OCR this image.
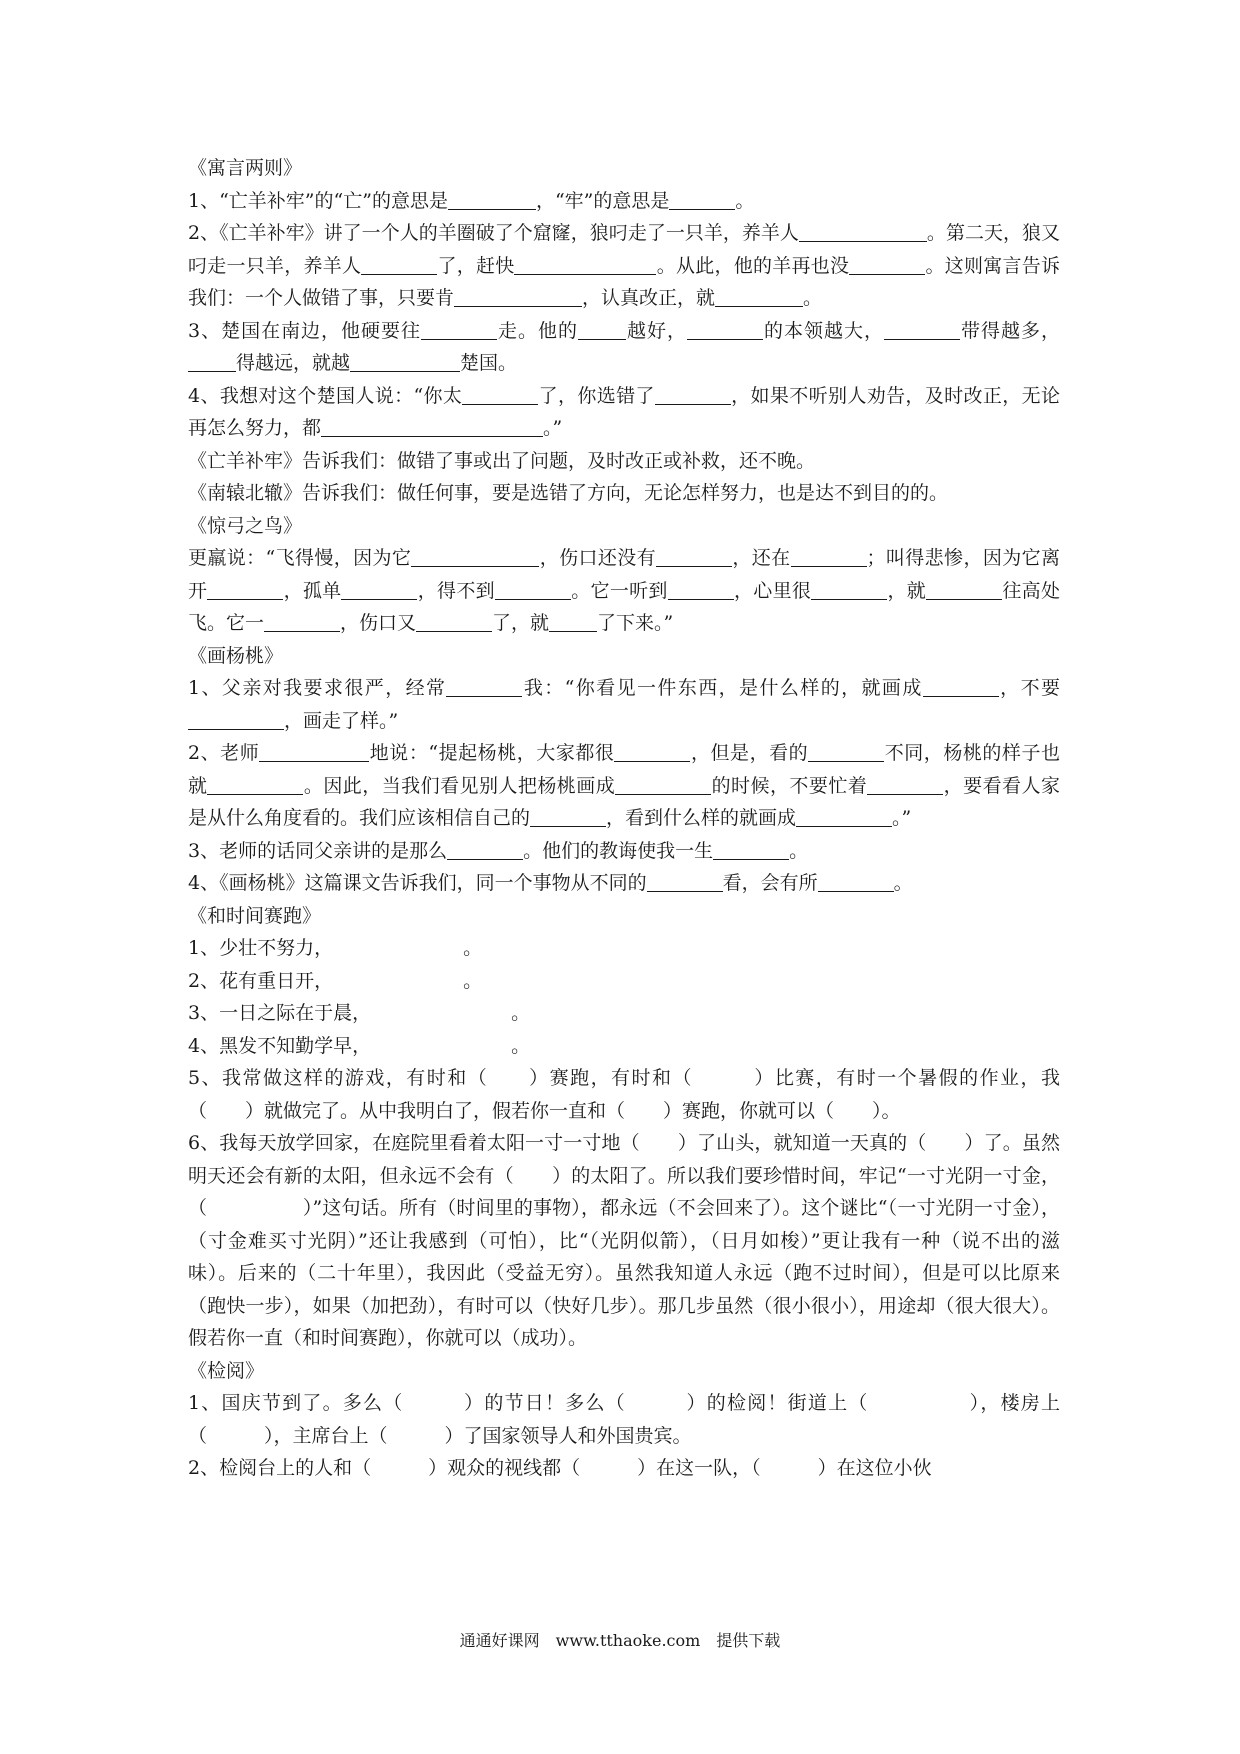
《寓言两则》

1、“亡羊补牢”的“亡”的意思是	，“牢”的意思是	。

2、《亡羊补牢》讲了一个人的羊圈破了个窟窿，狼叼走了一只羊，养羊人	。第二天，狼又叼走一只羊，养羊人	了，赶快	。从此，他的羊再也没	。这则寓言告诉我们：一个人做错了事，只要肯	，认真改正，就	。

3、楚国在南边，他硬要往	走。他的	越好，	的本领越大，	带得越多，得越远，就越	楚国。

4、我想对这个楚国人说：“你太	了，你选错了	，如果不听别人劝告，及时改正，无论再怎么努力，都	。”

《亡羊补牢》告诉我们：做错了事或出了问题，及时改正或补救，还不晚。

《南辕北辙》告诉我们：做任何事，要是选错了方向，无论怎样努力，也是达不到目的的。

《惊弓之鸟》

更羸说：“飞得慢，因为它	，伤口还没有	，还在	；叫得悲惨，因为它离开	，孤单	，得不到	。它一听到	，心里很	，就	往高处飞。它一	，伤口又	了，就	了下来。”

《画杨桃》

1、父亲对我要求很严，经常	我：“你看见一件东西，是什么样的，就画成	，不要，画走了样。”

2、老师	地说：“提起杨桃，大家都很	，但是，看的	不同，杨桃的样子也就	。因此，当我们看见别人把杨桃画成	的时候，不要忙着	，要看看人家是从什么角度看的。我们应该相信自己的	，看到什么样的就画成	。”

3、老师的话同父亲讲的是那么	。他们的教诲使我一生	。

4、《画杨桃》这篇课文告诉我们，同一个事物从不同的	看，会有所	。

《和时间赛跑》

1、少壮不努力，	。

2、花有重日开，	。

3、一日之际在于晨，	。

4、黑发不知勤学早，	。

5、我常做这样的游戏，有时和（　　）赛跑，有时和（　　　）比赛，有时一个暑假的作业，我（　　）就做完了。从中我明白了，假若你一直和（　　）赛跑，你就可以（　　）。

6、我每天放学回家，在庭院里看着太阳一寸一寸地（　　）了山头，就知道一天真的（　　）了。虽然明天还会有新的太阳，但永远不会有（　　）的太阳了。所以我们要珍惜时间，牢记“一寸光阴一寸金，（　　　　　）”这句话。所有（时间里的事物），都永远（不会回来了）。这个谜比“（一寸光阴一寸金），（寸金难买寸光阴）”还让我感到（可怕），比“（光阴似箭），（日月如梭）”更让我有一种（说不出的滋味）。后来的（二十年里），我因此（受益无穷）。虽然我知道人永远（跑不过时间），但是可以比原来（跑快一步），如果（加把劲），有时可以（快好几步）。那几步虽然（很小很小），用途却（很大很大）。假若你一直（和时间赛跑），你就可以（成功）。

《检阅》

1、国庆节到了。多么（　　　）的节日！多么（　　　）的检阅！街道上（　　　　　），楼房上（　　　），主席台上（　　　）了国家领导人和外国贵宾。

2、检阅台上的人和（　　　）观众的视线都（　　　）在这一队，（　　　）在这位小伙

通通好课网　www.tthaoke.com　提供下载
